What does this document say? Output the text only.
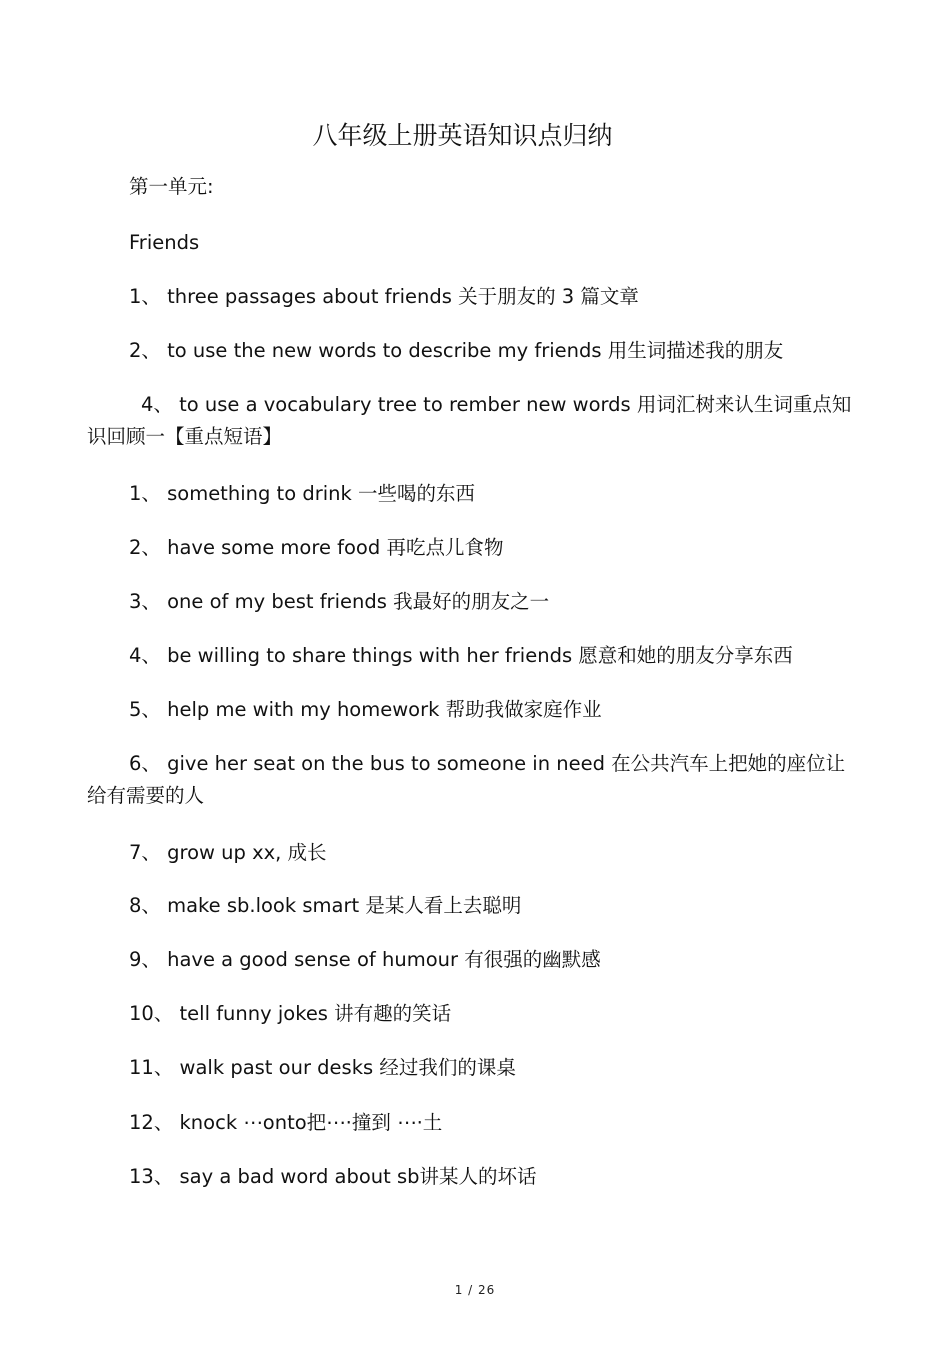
八年级上册英语知识点归纳
第一单元:
Friends
1、 three passages about friends 关于朋友的 3 篇文章
2、 to use the new words to describe my friends 用生词描述我的朋友
4、 to use a vocabulary tree to rember new words 用词汇树来认生词重点知
识回顾一【重点短语】
1、 something to drink 一些喝的东西
2、 have some more food 再吃点儿食物
3、 one of my best friends 我最好的朋友之一
4、 be willing to share things with her friends 愿意和她的朋友分享东西
5、 help me with my homework 帮助我做家庭作业
6、 give her seat on the bus to someone in need 在公共汽车上把她的座位让
给有需要的人
7、 grow up xx, 成长
8、 make sb.look smart 是某人看上去聪明
9、 have a good sense of humour 有很强的幽默感
10、 tell funny jokes 讲有趣的笑话
11、 walk past our desks 经过我们的课桌
12、 knock ⋯onto把⋯·撞到 ⋯·土
13、 say a bad word about sb讲某人的坏话
1 / 26
